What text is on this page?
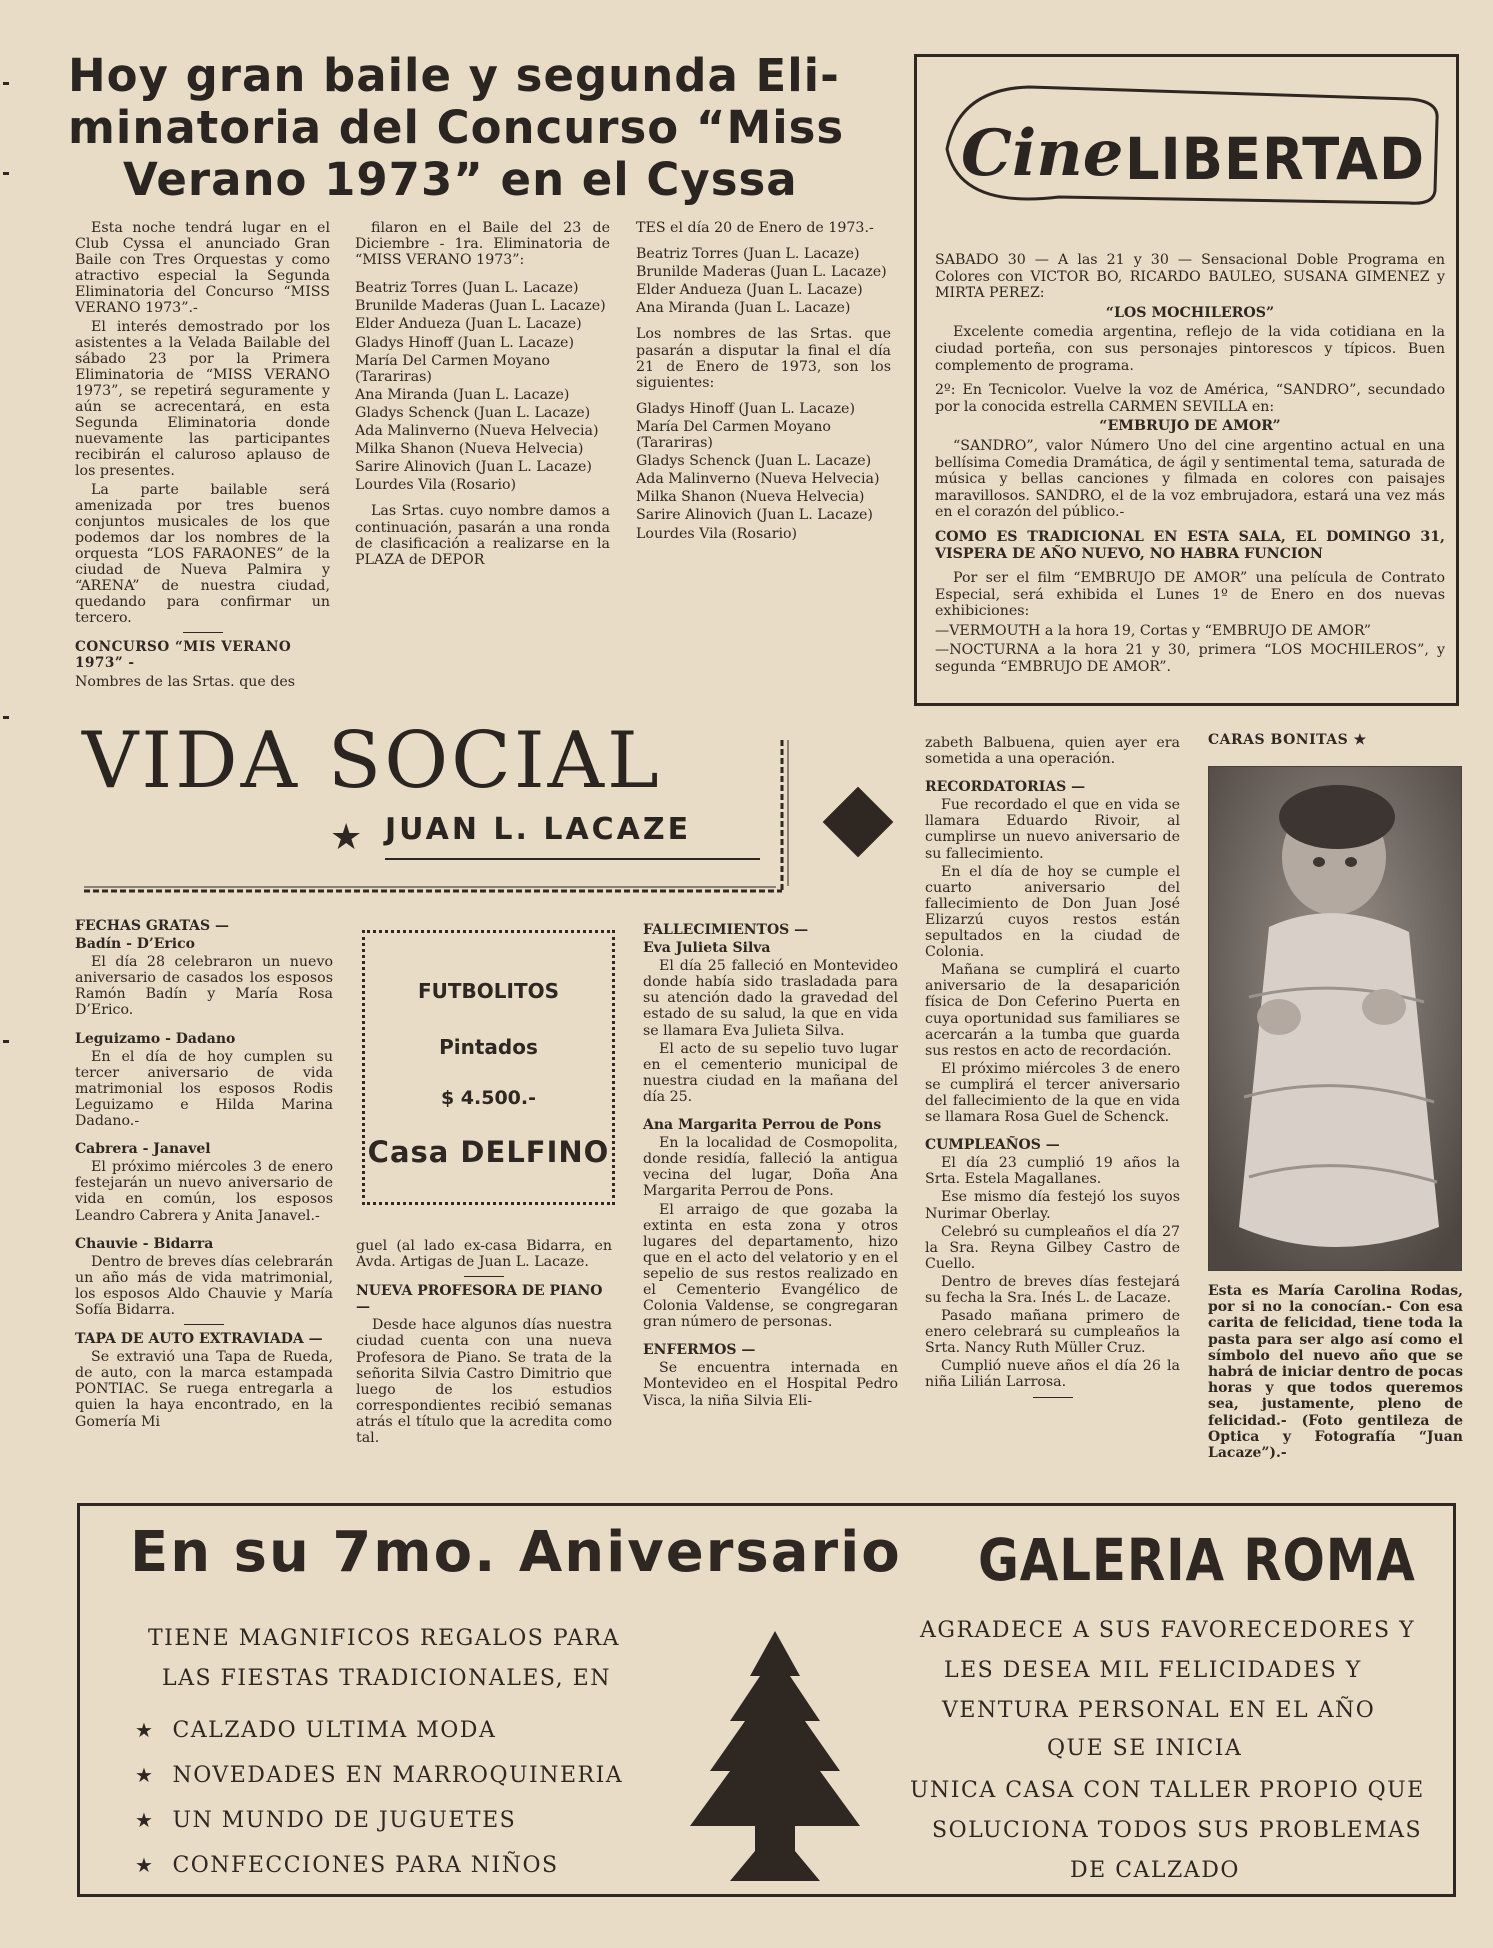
Hoy gran baile y segunda Eli-
minatoria del Concurso “Miss
Verano 1973” en el Cyssa

Esta noche tendrá lugar en el Club Cyssa el anunciado Gran Baile con Tres Orquestas y como atractivo especial la Segunda Eliminatoria del Concurso “MISS VERANO 1973”.-

El interés demostrado por los asistentes a la Velada Bailable del sábado 23 por la Primera Eliminatoria de “MISS VERANO 1973”, se repetirá seguramente y aún se acrecentará, en esta Segunda Eliminatoria donde nuevamente las participantes recibirán el caluroso aplauso de los presentes.

La parte bailable será amenizada por tres buenos conjuntos musicales de los que podemos dar los nombres de la orquesta “LOS FARAONES” de la ciudad de Nueva Palmira y “ARENA” de nuestra ciudad, quedando para confirmar un tercero.

CONCURSO “MIS VERANO 1973” -

Nombres de las Srtas. que des

filaron en el Baile del 23 de Diciembre - 1ra. Eliminatoria de “MISS VERANO 1973”:

Beatriz Torres (Juan L. Lacaze)

Brunilde Maderas (Juan L. Lacaze)

Elder Andueza (Juan L. Lacaze)

Gladys Hinoff (Juan L. Lacaze)

María Del Carmen Moyano (Tarariras)

Ana Miranda (Juan L. Lacaze)

Gladys Schenck (Juan L. Lacaze)

Ada Malinverno (Nueva Helvecia)

Milka Shanon (Nueva Helvecia)

Sarire Alinovich (Juan L. Lacaze)

Lourdes Vila (Rosario)

Las Srtas. cuyo nombre damos a continuación, pasarán a una ronda de clasificación a realizarse en la PLAZA de DEPOR

TES el día 20 de Enero de 1973.-

Beatriz Torres (Juan L. Lacaze)

Brunilde Maderas (Juan L. Lacaze)

Elder Andueza (Juan L. Lacaze)

Ana Miranda (Juan L. Lacaze)

Los nombres de las Srtas. que pasarán a disputar la final el día 21 de Enero de 1973, son los siguientes:

Gladys Hinoff (Juan L. Lacaze)

María Del Carmen Moyano (Tarariras)

Gladys Schenck (Juan L. Lacaze)

Ada Malinverno (Nueva Helvecia)

Milka Shanon (Nueva Helvecia)

Sarire Alinovich (Juan L. Lacaze)

Lourdes Vila (Rosario)

Cine LIBERTAD

SABADO 30 — A las 21 y 30 — Sensacional Doble Programa en Colores con VICTOR BO, RICARDO BAULEO, SUSANA GIMENEZ y MIRTA PEREZ:

“LOS MOCHILEROS”

Excelente comedia argentina, reflejo de la vida cotidiana en la ciudad porteña, con sus personajes pintorescos y típicos. Buen complemento de programa.

2º: En Tecnicolor. Vuelve la voz de América, “SANDRO”, secundado por la conocida estrella CARMEN SEVILLA en:

“EMBRUJO DE AMOR”

“SANDRO”, valor Número Uno del cine argentino actual en una bellísima Comedia Dramática, de ágil y sentimental tema, saturada de música y bellas canciones y filmada en colores con paisajes maravillosos. SANDRO, el de la voz embrujadora, estará una vez más en el corazón del público.-

COMO ES TRADICIONAL EN ESTA SALA, EL DOMINGO 31, VISPERA DE AÑO NUEVO, NO HABRA FUNCION

Por ser el film “EMBRUJO DE AMOR” una película de Contrato Especial, será exhibida el Lunes 1º de Enero en dos nuevas exhibiciones:

—VERMOUTH a la hora 19, Cortas y “EMBRUJO DE AMOR”

—NOCTURNA a la hora 21 y 30, primera “LOS MOCHILEROS”, y segunda “EMBRUJO DE AMOR”.

VIDA SOCIAL
★ JUAN L. LACAZE

FECHAS GRATAS —

Badín - D’Erico

El día 28 celebraron un nuevo aniversario de casados los esposos Ramón Badín y María Rosa D’Erico.

Leguizamo - Dadano

En el día de hoy cumplen su tercer aniversario de vida matrimonial los esposos Rodis Leguizamo e Hilda Marina Dadano.-

Cabrera - Janavel

El próximo miércoles 3 de enero festejarán un nuevo aniversario de vida en común, los esposos Leandro Cabrera y Anita Janavel.-

Chauvie - Bidarra

Dentro de breves días celebrarán un año más de vida matrimonial, los esposos Aldo Chauvie y María Sofía Bidarra.

TAPA DE AUTO EXTRAVIADA —

Se extravió una Tapa de Rueda, de auto, con la marca estampada PONTIAC. Se ruega entregarla a quien la haya encontrado, en la Gomería Mi

FUTBOLITOS
Pintados
$ 4.500.-
Casa DELFINO

guel (al lado ex-casa Bidarra, en Avda. Artigas de Juan L. Lacaze.

NUEVA PROFESORA DE PIANO —

Desde hace algunos días nuestra ciudad cuenta con una nueva Profesora de Piano. Se trata de la señorita Silvia Castro Dimitrio que luego de los estudios correspondientes recibió semanas atrás el título que la acredita como tal.

FALLECIMIENTOS —

Eva Julieta Silva

El día 25 falleció en Montevideo donde había sido trasladada para su atención dado la gravedad del estado de su salud, la que en vida se llamara Eva Julieta Silva.

El acto de su sepelio tuvo lugar en el cementerio municipal de nuestra ciudad en la mañana del día 25.

Ana Margarita Perrou de Pons

En la localidad de Cosmopolita, donde residía, falleció la antigua vecina del lugar, Doña Ana Margarita Perrou de Pons.

El arraigo de que gozaba la extinta en esta zona y otros lugares del departamento, hizo que en el acto del velatorio y en el sepelio de sus restos realizado en el Cementerio Evangélico de Colonia Valdense, se congregaran gran número de personas.

ENFERMOS —

Se encuentra internada en Montevideo en el Hospital Pedro Visca, la niña Silvia Eli-

zabeth Balbuena, quien ayer era sometida a una operación.

RECORDATORIAS —

Fue recordado el que en vida se llamara Eduardo Rivoir, al cumplirse un nuevo aniversario de su fallecimiento.

En el día de hoy se cumple el cuarto aniversario del fallecimiento de Don Juan José Elizarzú cuyos restos están sepultados en la ciudad de Colonia.

Mañana se cumplirá el cuarto aniversario de la desaparición física de Don Ceferino Puerta en cuya oportunidad sus familiares se acercarán a la tumba que guarda sus restos en acto de recordación.

El próximo miércoles 3 de enero se cumplirá el tercer aniversario del fallecimiento de la que en vida se llamara Rosa Guel de Schenck.

CUMPLEAÑOS —

El día 23 cumplió 19 años la Srta. Estela Magallanes.

Ese mismo día festejó los suyos Nurimar Oberlay.

Celebró su cumpleaños el día 27 la Sra. Reyna Gilbey Castro de Cuello.

Dentro de breves días festejará su fecha la Sra. Inés L. de Lacaze.

Pasado mañana primero de enero celebrará su cumpleaños la Srta. Nancy Ruth Müller Cruz.

Cumplió nueve años el día 26 la niña Lilián Larrosa.

CARAS BONITAS ★

Esta es María Carolina Rodas, por si no la conocían.- Con esa carita de felicidad, tiene toda la pasta para ser algo así como el símbolo del nuevo año que se habrá de iniciar dentro de pocas horas y que todos queremos sea, justamente, pleno de felicidad.- (Foto gentileza de Optica y Fotografía “Juan Lacaze”).-

En su 7mo. Aniversario GALERIA ROMA
TIENE MAGNIFICOS REGALOS PARA
LAS FIESTAS TRADICIONALES, EN
★ CALZADO ULTIMA MODA
★ NOVEDADES EN MARROQUINERIA
★ UN MUNDO DE JUGUETES
★ CONFECCIONES PARA NIÑOS
AGRADECE A SUS FAVORECEDORES Y
LES DESEA MIL FELICIDADES Y
VENTURA PERSONAL EN EL AÑO
QUE SE INICIA
UNICA CASA CON TALLER PROPIO QUE
SOLUCIONA TODOS SUS PROBLEMAS
DE CALZADO
